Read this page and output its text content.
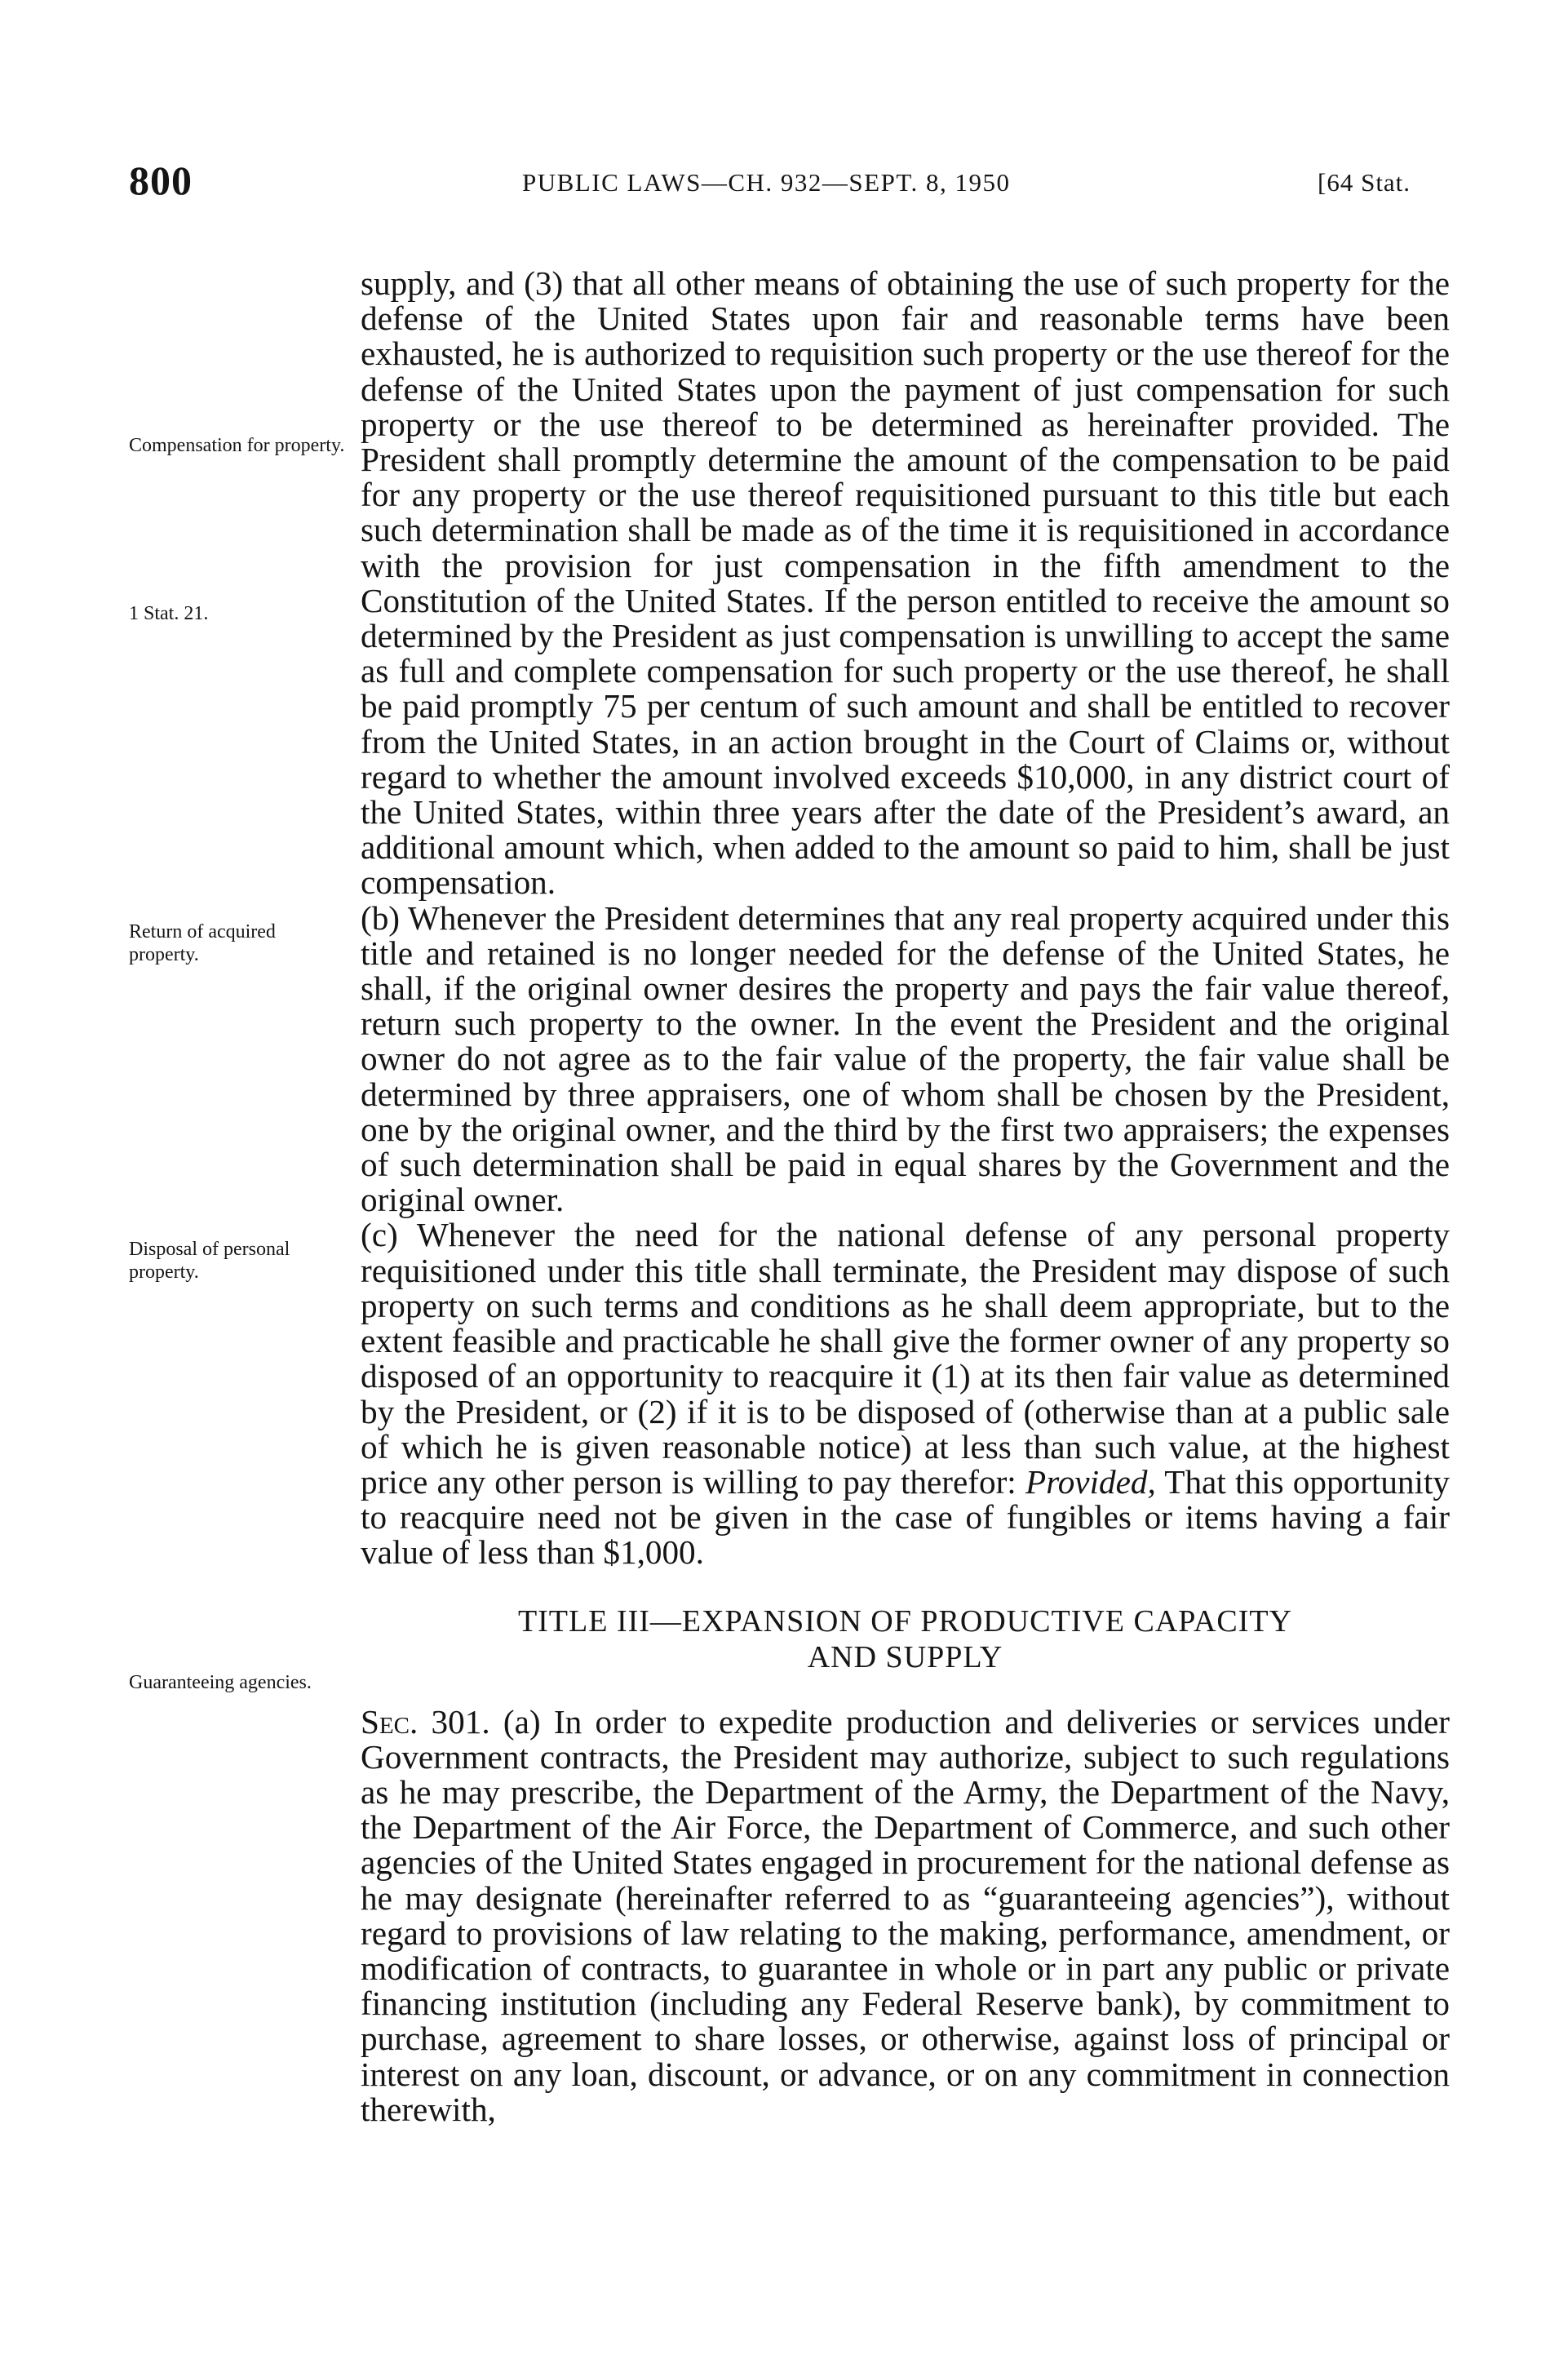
800	PUBLIC LAWS—CH. 932—SEPT. 8, 1950	[64 Stat.
Compensation for property.
1 Stat. 21.
Return of acquired property.
Disposal of personal property.
Guaranteeing agencies.

supply, and (3) that all other means of obtaining the use of such property for the defense of the United States upon fair and reasonable terms have been exhausted, he is authorized to requisition such property or the use thereof for the defense of the United States upon the payment of just compensation for such property or the use thereof to be determined as hereinafter provided. The President shall promptly determine the amount of the compensation to be paid for any property or the use thereof requisitioned pursuant to this title but each such determination shall be made as of the time it is requisitioned in accordance with the provision for just compensation in the fifth amendment to the Constitution of the United States. If the person entitled to receive the amount so determined by the President as just compensation is unwilling to accept the same as full and complete compensation for such property or the use thereof, he shall be paid promptly 75 per centum of such amount and shall be entitled to recover from the United States, in an action brought in the Court of Claims or, without regard to whether the amount involved exceeds $10,000, in any district court of the United States, within three years after the date of the President’s award, an additional amount which, when added to the amount so paid to him, shall be just compensation.

(b) Whenever the President determines that any real property acquired under this title and retained is no longer needed for the defense of the United States, he shall, if the original owner desires the property and pays the fair value thereof, return such property to the owner. In the event the President and the original owner do not agree as to the fair value of the property, the fair value shall be determined by three appraisers, one of whom shall be chosen by the President, one by the original owner, and the third by the first two appraisers; the expenses of such determination shall be paid in equal shares by the Government and the original owner.

(c) Whenever the need for the national defense of any personal property requisitioned under this title shall terminate, the President may dispose of such property on such terms and conditions as he shall deem appropriate, but to the extent feasible and practicable he shall give the former owner of any property so disposed of an opportunity to reacquire it (1) at its then fair value as determined by the President, or (2) if it is to be disposed of (otherwise than at a public sale of which he is given reasonable notice) at less than such value, at the highest price any other person is willing to pay therefor: Provided, That this opportunity to reacquire need not be given in the case of fungibles or items having a fair value of less than $1,000.

TITLE III—EXPANSION OF PRODUCTIVE CAPACITY
AND SUPPLY

Sec. 301. (a) In order to expedite production and deliveries or services under Government contracts, the President may authorize, subject to such regulations as he may prescribe, the Department of the Army, the Department of the Navy, the Department of the Air Force, the Department of Commerce, and such other agencies of the United States engaged in procurement for the national defense as he may designate (hereinafter referred to as “guaranteeing agencies”), without regard to provisions of law relating to the making, performance, amendment, or modification of contracts, to guarantee in whole or in part any public or private financing institution (including any Federal Reserve bank), by commitment to purchase, agreement to share losses, or otherwise, against loss of principal or interest on any loan, discount, or advance, or on any commitment in connection therewith,
